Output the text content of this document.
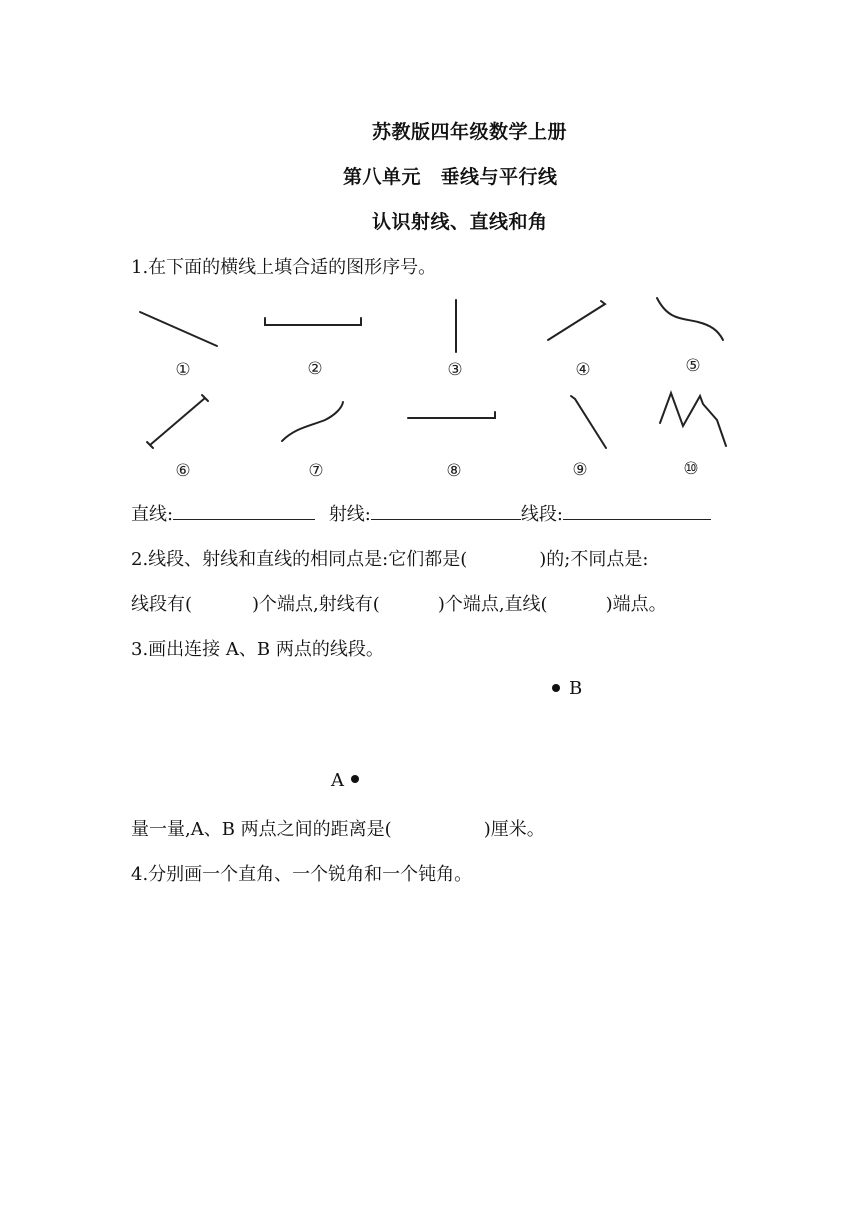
苏教版四年级数学上册
第八单元　垂线与平行线
认识射线、直线和角
1.在下面的横线上填合适的图形序号。
①	②	③	④	⑤
⑥	⑦	⑧	⑨	⑩
直线:	射线:	线段:
2.线段、射线和直线的相同点是:它们都是(	)的;不同点是:
线段有(	)个端点,射线有(	)个端点,直线(	)端点。
3.画出连接 A、B 两点的线段。
B
A
量一量,A、B 两点之间的距离是(	)厘米。
4.分别画一个直角、一个锐角和一个钝角。
